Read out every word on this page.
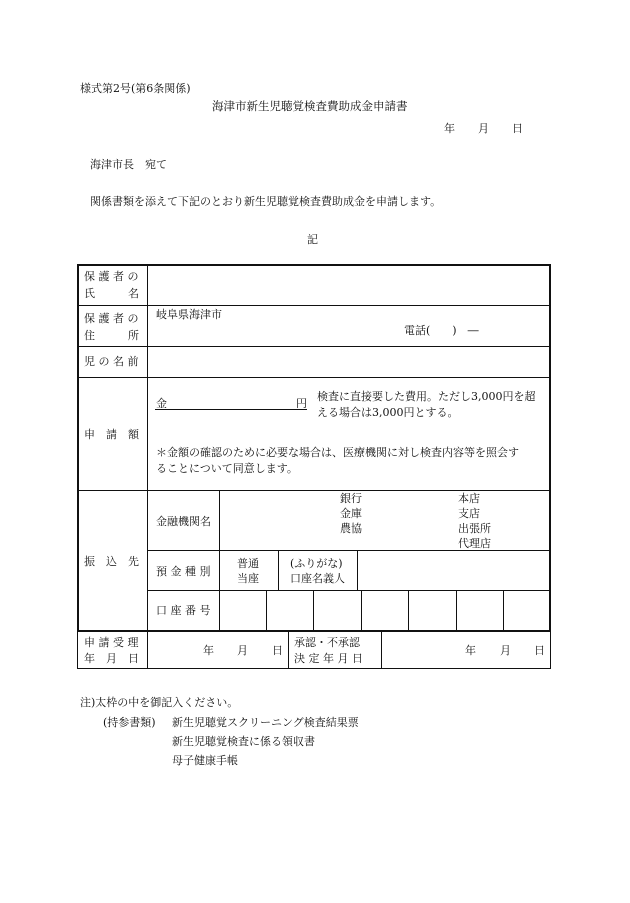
様式第2号(第6条関係)
海津市新生児聴覚検査費助成金申請書
年 月 日
海津市長　宛て
関係書類を添えて下記のとおり新生児聴覚検査費助成金を申請します。
記
保 護 者 の
氏　　　名
保 護 者 の
住　　　所
岐阜県海津市
電話(　　)　―
児 の 名 前
申　請　額
金	円
検査に直接要した費用。ただし3,000円を超
える場合は3,000円とする。
＊金額の確認のために必要な場合は、医療機関に対し検査内容等を照会す
ることについて同意します。
振　込　先
金融機関名
銀行
金庫
農協
本店
支店
出張所
代理店
預 金 種 別
普通
当座
(ふりがな)
口座名義人
口 座 番 号
申 請 受 理
年　月　日
年 月 日
承認・不承認
決 定 年 月 日
年 月 日
注)太枠の中を御記入ください。
(持参書類) 新生児聴覚スクリーニング検査結果票
新生児聴覚検査に係る領収書
母子健康手帳
